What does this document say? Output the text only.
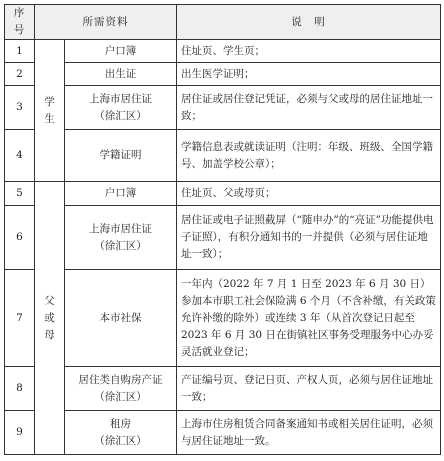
序号	所需资料		说　明
1	学生	户口簿	住址页、学生页；
2		出生证	出生医学证明；
3		上海市居住证
（徐汇区）	居住证或居住登记凭证，必须与父或母的居住证地址一致；
4		学籍证明	学籍信息表或就读证明（注明：年级、班级、全国学籍号、加盖学校公章）；
5	父或母	户口簿	住址页、父或母页；
6		上海市居住证
（徐汇区）	居住证或电子证照截屏（“随申办”的“亮证”功能提供电子证照），有积分通知书的一并提供（必须与居住证地址一致）；
7		本市社保	一年内（2022 年 7 月 1 日至 2023 年 6 月 30 日）参加本市职工社会保险满 6 个月（不含补缴，有关政策允许补缴的除外）或连续 3 年（从首次登记日起至 2023 年 6 月 30 日在街镇社区事务受理服务中心办妥灵活就业登记；
8		居住类自购房产证
（徐汇区）	产证编号页、登记日页、产权人页，必须与居住证地址一致；
9		租房
（徐汇区）	上海市住房租赁合同备案通知书或相关居住证明，必须与居住证地址一致。
